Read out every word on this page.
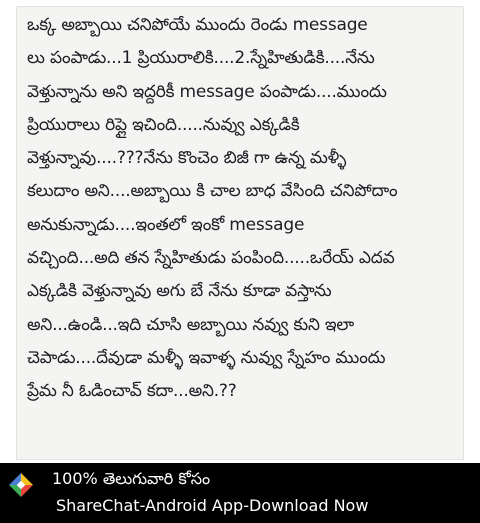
ఒక్క అబ్బాయి చనిపోయే ముందు రెండు message
లు పంపాడు...1 ప్రియురాలికి....2.స్నేహితుడికి....నేను
వెళ్తున్నాను అని ఇద్దరికీ message పంపాడు....ముందు
ప్రియురాలు రిప్లై ఇచింది.....నువ్వు ఎక్కడికి
వెళ్తున్నావు....???నేను కొంచెం బిజీ గా ఉన్న మళ్ళీ
కలుదాం అని....అబ్బాయి కి చాల బాధ వేసింది చనిపోదాం
అనుకున్నాడు....ఇంతలో ఇంకో message
వచ్చింది...అది తన స్నేహితుడు పంపింది.....ఒరేయ్ ఎదవ
ఎక్కడికి వెళ్తున్నావు అగు బే నేను కూడా వస్తాను
అని...ఉండి...ఇది చూసి అబ్బాయి నవ్వు కుని ఇలా
చెపాడు....దేవుడా మళ్ళీ ఇవాళ్ళ నువ్వు స్నేహం ముందు
ప్రేమ నీ ఓడించావ్ కదా...అని.??
100% తెలుగువారి కోసం
ShareChat-Android App-Download Now
